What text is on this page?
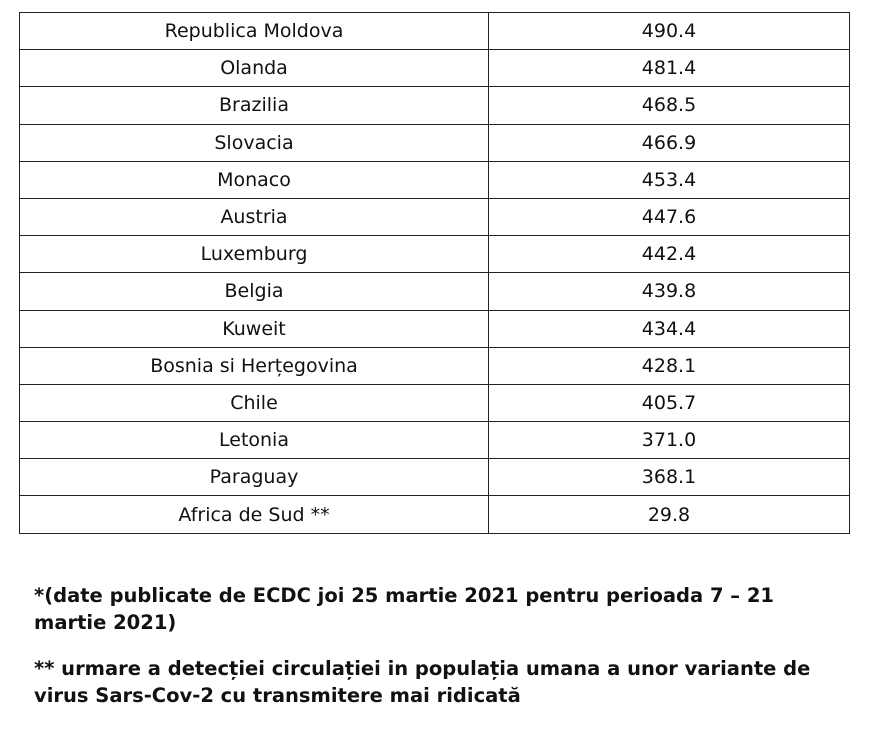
Republica Moldova	490.4
Olanda	481.4
Brazilia	468.5
Slovacia	466.9
Monaco	453.4
Austria	447.6
Luxemburg	442.4
Belgia	439.8
Kuweit	434.4
Bosnia si Herțegovina	428.1
Chile	405.7
Letonia	371.0
Paraguay	368.1
Africa de Sud **	29.8

*(date publicate de ECDC joi 25 martie 2021 pentru perioada 7 – 21 martie 2021)

** urmare a detecției circulației in populația umana a unor variante de virus Sars-Cov-2 cu transmitere mai ridicată
